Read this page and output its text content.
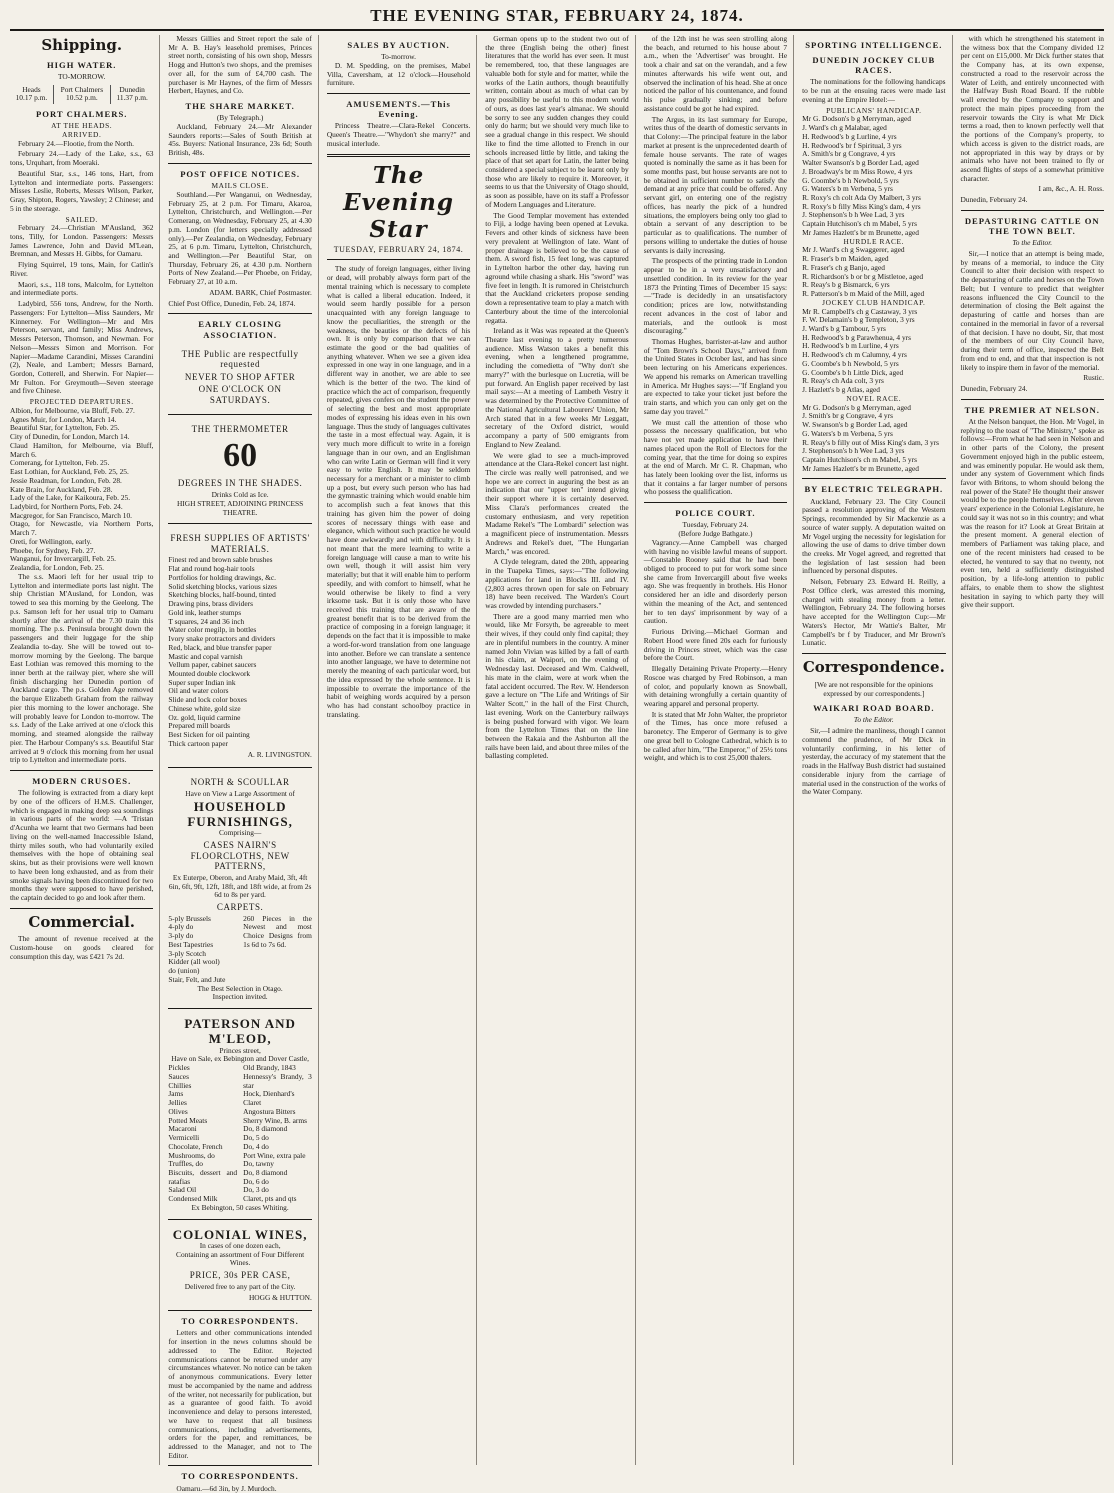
THE EVENING STAR, FEBRUARY 24, 1874.
Shipping.
HIGH WATER.
TO-MORROW.
Heads
10.17 p.m.	Port Chalmers
10.52 p.m.	Dunedin
11.37 p.m.
PORT CHALMERS.
AT THE HEADS.
ARRIVED.

February 24.—Flootie, from the North.

February 24.—Lady of the Lake, s.s., 63 tons, Urquhart, from Moeraki.

Beautiful Star, s.s., 146 tons, Hart, from Lyttelton and intermediate ports. Passengers: Misses Leslie, Roberts, Messrs Wilson, Parker, Gray, Shipton, Rogers, Yawsley; 2 Chinese; and 5 in the steerage.

SAILED.

February 24.—Christian M'Ausland, 362 tons, Tilly, for London. Passengers: Messrs James Lawrence, John and David M'Lean, Bremnan, and Messrs H. Gibbs, for Oamaru.

Flying Squirrel, 19 tons, Main, for Catlin's River.

Maori, s.s., 118 tons, Malcolm, for Lyttelton and intermediate ports.

Ladybird, 556 tons, Andrew, for the North. Passengers: For Lyttelton—Miss Saunders, Mr Kinnerney. For Wellington—Mr and Mrs Peterson, servant, and family; Miss Andrews, Messrs Peterson, Thomson, and Newman. For Nelson—Messrs Simon and Morrison. For Napier—Madame Carandini, Misses Carandini (2), Neale, and Lambert; Messrs Barnard, Gordon, Cotterell, and Sherwin. For Napier—Mr Fulton. For Greymouth—Seven steerage and five Chinese.

PROJECTED DEPARTURES.
Albion, for Melbourne, via Bluff, Feb. 27.
Agnes Muir, for London, March 14.
Beautiful Star, for Lyttelton, Feb. 25.
City of Dunedin, for London, March 14.
Claud Hamilton, for Melbourne, via Bluff, March 6.
Comerang, for Lyttelton, Feb. 25.
East Lothian, for Auckland, Feb. 25, 25.
Jessie Readman, for London, Feb. 28.
Kate Brain, for Auckland, Feb. 28.
Lady of the Lake, for Kaikoura, Feb. 25.
Ladybird, for Northern Ports, Feb. 24.
Macgregor, for San Francisco, March 10.
Otago, for Newcastle, via Northern Ports, March 7.
Oreti, for Wellington, early.
Phoebe, for Sydney, Feb. 27.
Wanganui, for Invercargill, Feb. 25.
Zealandia, for London, Feb. 25.

The s.s. Maori left for her usual trip to Lyttelton and intermediate ports last night. The ship Christian M'Ausland, for London, was towed to sea this morning by the Geelong. The p.s. Samson left for her usual trip to Oamaru shortly after the arrival of the 7.30 train this morning. The p.s. Peninsula brought down the passengers and their luggage for the ship Zealandia to-day. She will be towed out to-morrow morning by the Geelong. The barque East Lothian was removed this morning to the inner berth at the railway pier, where she will finish discharging her Dunedin portion of Auckland cargo. The p.s. Golden Age removed the barque Elizabeth Graham from the railway pier this morning to the lower anchorage. She will probably leave for London to-morrow. The s.s. Lady of the Lake arrived at one o'clock this morning, and steamed alongside the railway pier. The Harbour Company's s.s. Beautiful Star arrived at 9 o'clock this morning from her usual trip to Lyttelton and intermediate ports.

MODERN CRUSOES.

The following is extracted from a diary kept by one of the officers of H.M.S. Challenger, which is engaged in making deep sea soundings in various parts of the world: —A 'Tristan d'Acunha we learnt that two Germans had been living on the well-named Inaccessible Island, thirty miles south, who had voluntarily exiled themselves with the hope of obtaining seal skins, but as their provisions were well known to have been long exhausted, and as from their smoke signals having been discontinued for two months they were supposed to have perished, the captain decided to go and look after them.

Commercial.

The amount of revenue received at the Custom-house on goods cleared for consumption this day, was £421 7s 2d.

Messrs Gillies and Street report the sale of Mr A. B. Hay's leasehold premises, Princes street north, consisting of his own shop, Messrs Hogg and Hutton's two shops, and the premises over all, for the sum of £4,700 cash. The purchaser is Mr Haynes, of the firm of Messrs Herbert, Haynes, and Co.

THE SHARE MARKET.
(By Telegraph.)

Auckland, February 24.—Mr Alexander Saunders reports:—Sales of South British at 45s. Buyers: National Insurance, 23s 6d; South British, 48s.

POST OFFICE NOTICES.
MAILS CLOSE.

Southland.—Per Wanganui, on Wednesday, February 25, at 2 p.m. For Timaru, Akaroa, Lyttelton, Christchurch, and Wellington.—Per Comerang, on Wednesday, February 25, at 4.30 p.m. London (for letters specially addressed only).—Per Zealandia, on Wednesday, February 25, at 6 p.m. Timaru, Lyttelton, Christchurch, and Wellington.—Per Beautiful Star, on Thursday, February 26, at 4.30 p.m. Northern Ports of New Zealand.—Per Phoebe, on Friday, February 27, at 10 a.m.

ADAM. BARK, Chief Postmaster.
Chief Post Office, Dunedin, Feb. 24, 1874.
EARLY CLOSING ASSOCIATION.
THE Public are respectfully requested
NEVER TO SHOP AFTER
ONE O'CLOCK ON SATURDAYS.
THE THERMOMETER
60
DEGREES IN THE SHADES.
Drinks Cold as Ice.
HIGH STREET, ADJOINING PRINCESS THEATRE.
FRESH SUPPLIES OF ARTISTS' MATERIALS.
Finest red and brown sable brushes
Flat and round hog-hair tools
Portfolios for holding drawings, &c.
Solid sketching blocks, various sizes
Sketching blocks, half-bound, tinted
Drawing pins, brass dividers
Gold ink, leather stumps
T squares, 24 and 36 inch
Water color megilp, in bottles
Ivory snake protractors and dividers
Red, black, and blue transfer paper
Mastic and copal varnish
Vellum paper, cabinet saucers
Mounted double clockwork
Super super Indian ink
Oil and water colors
Slide and lock color boxes
Chinese white, gold size
Oz. gold, liquid carmine
Prepared mill boards
Best Sicken for oil painting
Thick cartoon paper
A. R. LIVINGSTON.
NORTH & SCOULLAR
Have on View a Large Assortment of
HOUSEHOLD FURNISHINGS,
Comprising—
CASES NAIRN'S FLOORCLOTHS, NEW PATTERNS,
Ex Euterpe, Oberon, and Araby Maid, 3ft, 4ft 6in, 6ft, 9ft, 12ft, 18ft, and 18ft wide, at from 2s 6d to 8s per yard.
CARPETS.
5-ply Brussels
4-ply do
3-ply do
Best Tapestries
3-ply Scotch
Kidder (all wool)
do (union)
Stair, Felt, and Jute
260 Pieces in the Newest and most Choice Designs from 1s 6d to 7s 6d.
The Best Selection in Otago.
Inspection invited.
PATERSON AND M'LEOD,
Princes street,
Have on Sale, ex Bebington and Dover Castle,
Pickles
Sauces
Chillies
Jams
Jellies
Olives
Potted Meats
Macaroni
Vermicelli
Chocolate, French
Mushrooms, do
Truffles, do
Biscuits, dessert and ratafias
Salad Oil
Condensed Milk
Old Brandy, 1843
Hennessy's Brandy, 3 star
Hock, Dienhard's
Claret
Angostura Bitters
Sherry Wine, B. arms
Do, 8 diamond
Do, 5 do
Do, 4 do
Port Wine, extra pale
Do, tawny
Do, 8 diamond
Do, 6 do
Do, 3 do
Claret, pts and qts
Ex Bebington, 50 cases Whiting.
COLONIAL WINES,
In cases of one dozen each,
Containing an assortment of Four Different Wines.
PRICE, 30s PER CASE,
Delivered free to any part of the City.
HOGG & HUTTON.
TO CORRESPONDENTS.

Letters and other communications intended for insertion in the news columns should be addressed to The Editor. Rejected communications cannot be returned under any circumstances whatever. No notice can be taken of anonymous communications. Every letter must be accompanied by the name and address of the writer, not necessarily for publication, but as a guarantee of good faith. To avoid inconvenience and delay to persons interested, we have to request that all business communications, including advertisements, orders for the paper, and remittances, be addressed to the Manager, and not to The Editor.

TO CORRESPONDENTS.

Oamaru.—6d 3in, by J. Murdoch.

SALES BY AUCTION.
To-morrow.

D. M. Spedding, on the premises, Mabel Villa, Caversham, at 12 o'clock—Household furniture.

AMUSEMENTS.—This Evening.

Princess Theatre.—Clara-Rekel Concerts. Queen's Theatre.—"Whydon't she marry?" and musical interlude.

The Evening Star
TUESDAY, FEBRUARY 24, 1874.

The study of foreign languages, either living or dead, will probably always form part of the mental training which is necessary to complete what is called a liberal education. Indeed, it would seem hardly possible for a person unacquainted with any foreign language to know the peculiarities, the strength or the weakness, the beauties or the defects of his own. It is only by comparison that we can estimate the good or the bad qualities of anything whatever. When we see a given idea expressed in one way in one language, and in a different way in another, we are able to see which is the better of the two. The kind of practice which the act of comparison, frequently repeated, gives confers on the student the power of selecting the best and most appropriate modes of expressing his ideas even in his own language. Thus the study of languages cultivates the taste in a most effectual way. Again, it is very much more difficult to write in a foreign language than in our own, and an Englishman who can write Latin or German will find it very easy to write English. It may be seldom necessary for a merchant or a minister to climb up a post, but every such person who has had the gymnastic training which would enable him to accomplish such a feat knows that this training has given him the power of doing scores of necessary things with ease and elegance, which without such practice he would have done awkwardly and with difficulty. It is not meant that the mere learning to write a foreign language will cause a man to write his own well, though it will assist him very materially; but that it will enable him to perform speedily, and with comfort to himself, what he would otherwise be likely to find a very irksome task. But it is only those who have received this training that are aware of the greatest benefit that is to be derived from the practice of composing in a foreign language; it depends on the fact that it is impossible to make a word-for-word translation from one language into another. Before we can translate a sentence into another language, we have to determine not merely the meaning of each particular word, but the idea expressed by the whole sentence. It is impossible to overrate the importance of the habit of weighing words acquired by a person who has had constant schoolboy practice in translating.

German opens up to the student two out of the three (English being the other) finest literatures that the world has ever seen. It must be remembered, too, that these languages are valuable both for style and for matter, while the works of the Latin authors, though beautifully written, contain about as much of what can by any possibility be useful to this modern world of ours, as does last year's almanac. We should be sorry to see any sudden changes they could only do harm; but we should very much like to see a gradual change in this respect. We should like to find the time allotted to French in our schools increased little by little, and taking the place of that set apart for Latin, the latter being considered a special subject to be learnt only by those who are likely to require it. Moreover, it seems to us that the University of Otago should, as soon as possible, have on its staff a Professor of Modern Languages and Literature.

The Good Templar movement has extended to Fiji, a lodge having been opened at Levuka. Fevers and other kinds of sickness have been very prevalent at Wellington of late. Want of proper drainage is believed to be the cause of them. A sword fish, 15 feet long, was captured in Lyttelton harbor the other day, having run aground while chasing a shark. His "sword" was five feet in length. It is rumored in Christchurch that the Auckland cricketers propose sending down a representative team to play a match with Canterbury about the time of the intercolonial regatta.

Ireland as it Was was repeated at the Queen's Theatre last evening to a pretty numerous audience. Miss Watson takes a benefit this evening, when a lengthened programme, including the comedietta of "Why don't she marry?" with the burlesque on Lucretia, will be put forward. An English paper received by last mail says:—At a meeting of Lambeth Vestry it was determined by the Protective Committee of the National Agricultural Labourers' Union, Mr Arch stated that in a few weeks Mr Leggatt, secretary of the Oxford district, would accompany a party of 500 emigrants from England to New Zealand.

We were glad to see a much-improved attendance at the Clara-Rekel concert last night. The circle was really well patronised, and we hope we are correct in auguring the best as an indication that our "upper ten" intend giving their support where it is certainly deserved. Miss Clara's performances created the customary enthusiasm, and very repetition Madame Rekel's "The Lombardi" selection was a magnificent piece of instrumentation. Messrs Andrews and Rekel's duet, "The Hungarian March," was encored.

A Clyde telegram, dated the 20th, appearing in the Tuapeka Times, says:—"The following applications for land in Blocks III. and IV. (2,803 acres thrown open for sale on February 18) have been received. The Warden's Court was crowded by intending purchasers."

There are a good many married men who would, like Mr Forsyth, be agreeable to meet their wives, if they could only find capital; they are in plentiful numbers in the country. A miner named John Vivian was killed by a fall of earth in his claim, at Waipori, on the evening of Wednesday last. Deceased and Wm. Caldwell, his mate in the claim, were at work when the fatal accident occurred. The Rev. W. Henderson gave a lecture on "The Life and Writings of Sir Walter Scott," in the hall of the First Church, last evening. Work on the Canterbury railways is being pushed forward with vigor. We learn from the Lyttelton Times that on the line between the Rakaia and the Ashburton all the rails have been laid, and about three miles of the ballasting completed.

of the 12th inst he was seen strolling along the beach, and returned to his house about 7 a.m., when the 'Advertiser' was brought. He took a chair and sat on the verandah, and a few minutes afterwards his wife went out, and observed the inclination of his head. She at once noticed the pallor of his countenance, and found his pulse gradually sinking; and before assistance could be got he had expired.

The Argus, in its last summary for Europe, writes thus of the dearth of domestic servants in that Colony:—The principal feature in the labor market at present is the unprecedented dearth of female house servants. The rate of wages quoted is nominally the same as it has been for some months past, but house servants are not to be obtained in sufficient number to satisfy the demand at any price that could be offered. Any servant girl, on entering one of the registry offices, has nearly the pick of a hundred situations, the employers being only too glad to obtain a servant of any description to be particular as to qualifications. The number of persons willing to undertake the duties of house servants is daily increasing.

The prospects of the printing trade in London appear to be in a very unsatisfactory and unsettled condition. In its review for the year 1873 the Printing Times of December 15 says:—"Trade is decidedly in an unsatisfactory condition; prices are low, notwithstanding recent advances in the cost of labor and materials, and the outlook is most discouraging."

Thomas Hughes, barrister-at-law and author of "Tom Brown's School Days," arrived from the United States in October last, and has since been lecturing on his Americans experiences. We append his remarks on American travelling in America. Mr Hughes says:—"If England you are expected to take your ticket just before the train starts, and which you can only get on the same day you travel."

We must call the attention of those who possess the necessary qualification, but who have not yet made application to have their names placed upon the Roll of Electors for the coming year, that the time for doing so expires at the end of March. Mr C. R. Chapman, who has lately been looking over the list, informs us that it contains a far larger number of persons who possess the qualification.

POLICE COURT.
Tuesday, February 24.
(Before Judge Bathgate.)

Vagrancy.—Anne Campbell was charged with having no visible lawful means of support.—Constable Rooney said that he had been obliged to proceed to put for work some since she came from Invercargill about five weeks ago. She was frequently in brothels. His Honor considered her an idle and disorderly person within the meaning of the Act, and sentenced her to ten days' imprisonment by way of a caution.

Furious Driving.—Michael Gorman and Robert Hood were fined 20s each for furiously driving in Princes street, which was the case before the Court.

Illegally Detaining Private Property.—Henry Roscoe was charged by Fred Robinson, a man of color, and popularly known as Snowball, with detaining wrongfully a certain quantity of wearing apparel and personal property.

It is stated that Mr John Walter, the proprietor of the Times, has once more refused a baronetcy. The Emperor of Germany is to give one great bell to Cologne Cathedral, which is to be called after him, "The Emperor," of 25½ tons weight, and which is to cost 25,000 thalers.

SPORTING INTELLIGENCE.
DUNEDIN JOCKEY CLUB RACES.

The nominations for the following handicaps to be run at the ensuing races were made last evening at the Empire Hotel:—

PUBLICANS' HANDICAP.
Mr G. Dodson's b g Merryman, aged
J. Ward's ch g Malabar, aged
H. Redwood's b g Lurline, 4 yrs
H. Redwood's br f Spiritual, 3 yrs
A. Smith's br g Congrave, 4 yrs
Walter Swanson's b g Border Lad, aged
J. Broadway's br m Miss Rowe, 4 yrs
G. Coombe's b h Newbold, 5 yrs
G. Waters's b m Verbena, 5 yrs
R. Roxy's ch colt Ada Oy Malbert, 3 yrs
R. Roxy's b filly Miss King's dam, 4 yrs
J. Stephenson's b h Wee Lad, 3 yrs
Captain Hutchison's ch m Mabel, 5 yrs
Mr James Hazlett's br m Brunette, aged
HURDLE RACE.
Mr J. Ward's ch g Swaggerer, aged
R. Fraser's b m Maiden, aged
R. Fraser's ch g Banjo, aged
R. Richardson's b or br g Mistletoe, aged
R. Reay's b g Bismarck, 6 yrs
R. Patterson's b m Maid of the Mill, aged
JOCKEY CLUB HANDICAP.
Mr R. Campbell's ch g Castaway, 3 yrs
F. W. Delamain's b g Templeton, 3 yrs
J. Ward's b g Tambour, 5 yrs
H. Redwood's b g Parawhenua, 4 yrs
H. Redwood's b m Lurline, 4 yrs
H. Redwood's ch m Calumny, 4 yrs
G. Coombe's b h Newbold, 5 yrs
G. Coombe's b h Little Dick, aged
R. Reay's ch Ada colt, 3 yrs
J. Hazlett's b g Atlas, aged
NOVEL RACE.
Mr G. Dodson's b g Merryman, aged
J. Smith's br g Congrave, 4 yrs
W. Swanson's b g Border Lad, aged
G. Waters's b m Verbena, 5 yrs
R. Reay's b filly out of Miss King's dam, 3 yrs
J. Stephenson's b h Wee Lad, 3 yrs
Captain Hutchison's ch m Mabel, 5 yrs
Mr James Hazlett's br m Brunette, aged
BY ELECTRIC TELEGRAPH.

Auckland, February 23. The City Council passed a resolution approving of the Western Springs, recommended by Sir Mackenzie as a source of water supply. A deputation waited on Mr Vogel urging the necessity for legislation for allowing the use of dams to drive timber down the creeks. Mr Vogel agreed, and regretted that the legislation of last session had been influenced by personal disputes.

Nelson, February 23. Edward H. Reilly, a Post Office clerk, was arrested this morning, charged with stealing money from a letter. Wellington, February 24. The following horses have accepted for the Wellington Cup:—Mr Waters's Hector, Mr Wattie's Balter, Mr Campbell's br f by Traducer, and Mr Brown's Lunatic.

Correspondence.
[We are not responsible for the opinions expressed by our correspondents.]
WAIKARI ROAD BOARD.
To the Editor.

Sir,—I admire the manliness, though I cannot commend the prudence, of Mr Dick in voluntarily confirming, in his letter of yesterday, the accuracy of my statement that the roads in the Halfway Bush district had sustained considerable injury from the carriage of material used in the construction of the works of the Water Company.

with which he strengthened his statement in the witness box that the Company divided 12 per cent on £15,000. Mr Dick further states that the Company has, at its own expense, constructed a road to the reservoir across the Water of Leith, and entirely unconnected with the Halfway Bush Road Board. If the rubble wall erected by the Company to support and protect the main pipes proceeding from the reservoir towards the City is what Mr Dick terms a road, then to known perfectly well that the portions of the Company's property, to which access is given to the district roads, are not appropriated in this way by drays or by animals who have not been trained to fly or ascend flights of steps of a somewhat primitive character.

I am, &c., A. H. Ross.
Dunedin, February 24.
DEPASTURING CATTLE ON THE TOWN BELT.
To the Editor.

Sir,—I notice that an attempt is being made, by means of a memorial, to induce the City Council to alter their decision with respect to the depasturing of cattle and horses on the Town Belt; but I venture to predict that weighter reasons influenced the City Council to the determination of closing the Belt against the depasturing of cattle and horses than are contained in the memorial in favor of a reversal of that decision. I have no doubt, Sir, that most of the members of our City Council have, during their term of office, inspected the Belt from end to end, and that that inspection is not likely to inspire them in favor of the memorial.

Rustic.
Dunedin, February 24.
THE PREMIER AT NELSON.

At the Nelson banquet, the Hon. Mr Vogel, in replying to the toast of "The Ministry," spoke as follows:—From what he had seen in Nelson and in other parts of the Colony, the present Government enjoyed high in the public esteem, and was eminently popular. He would ask them, under any system of Government which finds favor with Britons, to whom should belong the real power of the State? He thought their answer would be to the people themselves. After eleven years' experience in the Colonial Legislature, he could say it was not so in this country; and what was the reason for it? Look at Great Britain at the present moment. A general election of members of Parliament was taking place, and one of the recent ministers had ceased to be elected, he ventured to say that no twenty, not even ten, held a sufficiently distinguished position, by a life-long attention to public affairs, to enable them to show the slightest hesitation in saying to which party they will give their support.
